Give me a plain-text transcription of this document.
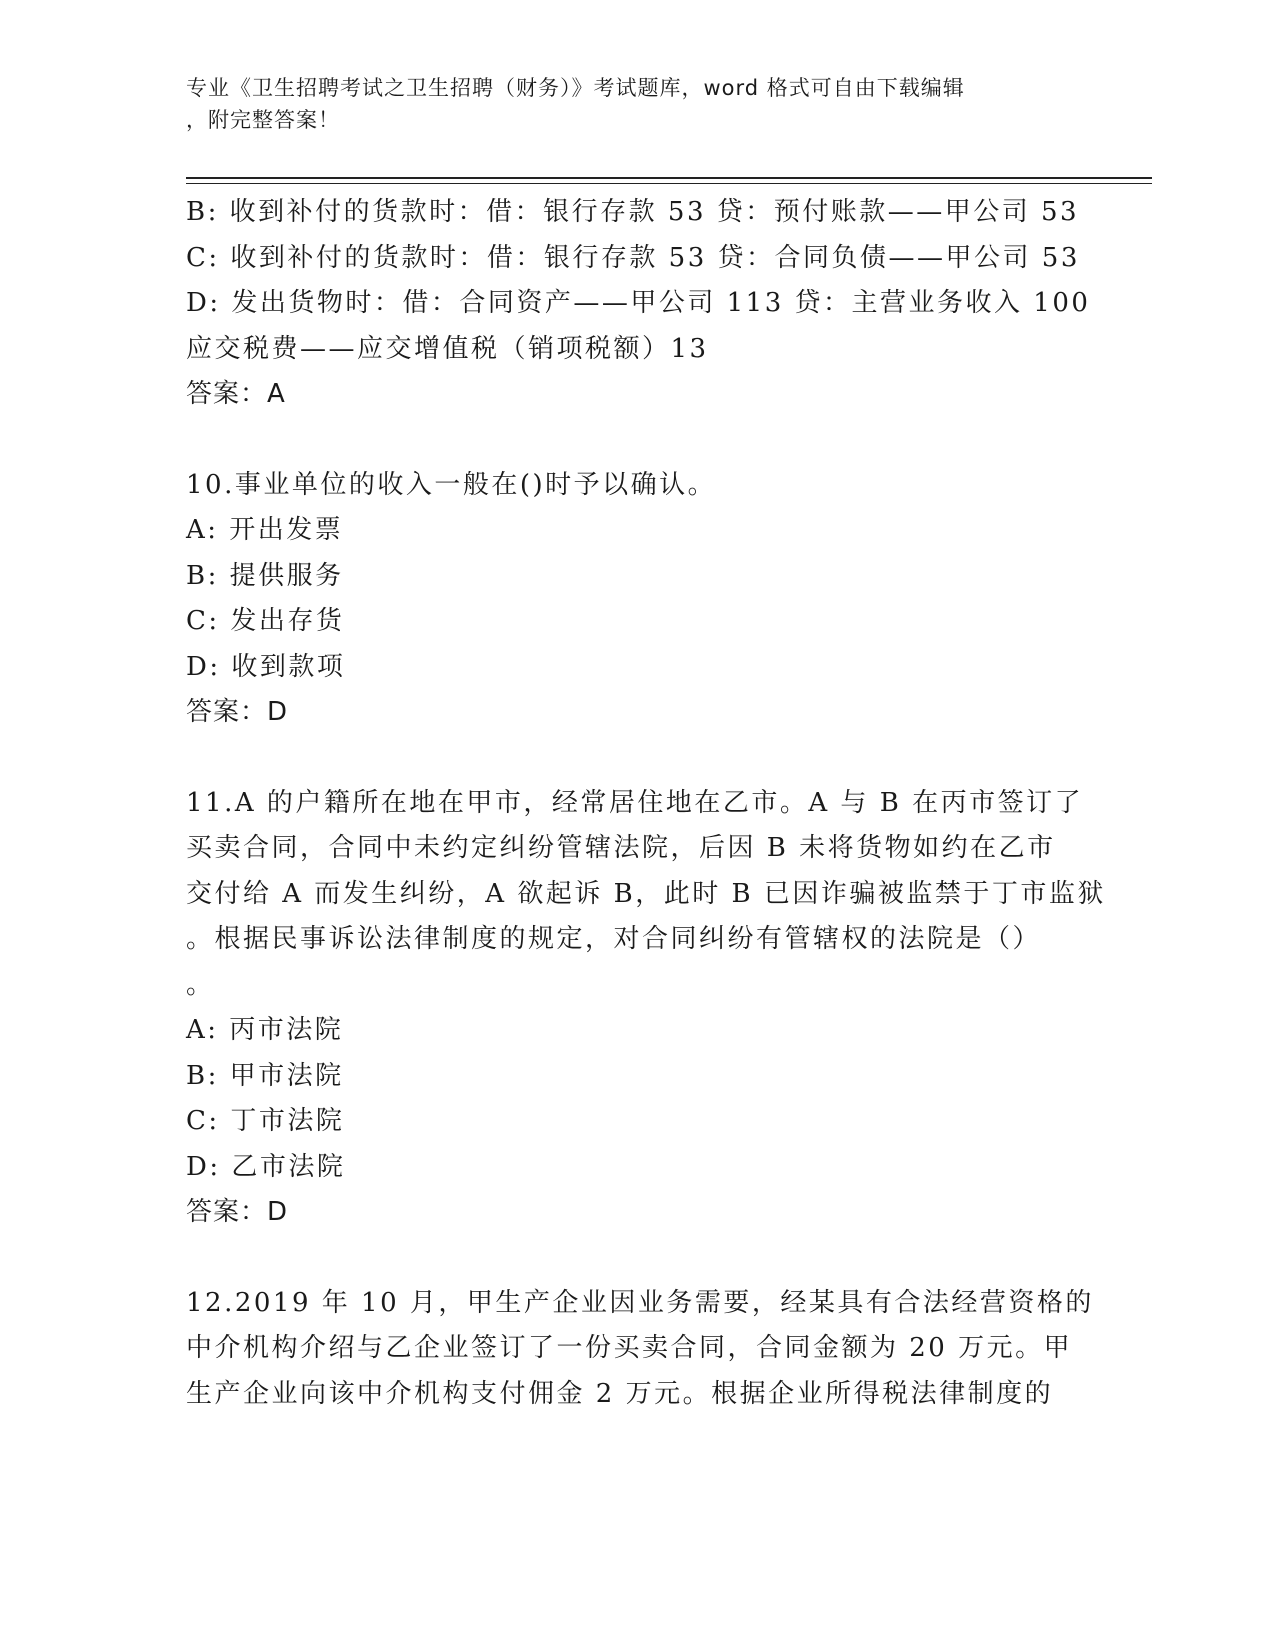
专业《卫生招聘考试之卫生招聘（财务）》考试题库，word 格式可自由下载编辑
，附完整答案！
B: 收到补付的货款时：借：银行存款 53 贷：预付账款——甲公司 53
C: 收到补付的货款时：借：银行存款 53 贷：合同负债——甲公司 53
D: 发出货物时：借：合同资产——甲公司 113 贷：主营业务收入 100
应交税费——应交增值税（销项税额）13
答案：A
10.事业单位的收入一般在()时予以确认。
A: 开出发票
B: 提供服务
C: 发出存货
D: 收到款项
答案：D
11.A 的户籍所在地在甲市，经常居住地在乙市。A 与 B 在丙市签订了
买卖合同，合同中未约定纠纷管辖法院，后因 B 未将货物如约在乙市
交付给 A 而发生纠纷，A 欲起诉 B，此时 B 已因诈骗被监禁于丁市监狱
。根据民事诉讼法律制度的规定，对合同纠纷有管辖权的法院是（）
。
A: 丙市法院
B: 甲市法院
C: 丁市法院
D: 乙市法院
答案：D
12.2019 年 10 月，甲生产企业因业务需要，经某具有合法经营资格的
中介机构介绍与乙企业签订了一份买卖合同，合同金额为 20 万元。甲
生产企业向该中介机构支付佣金 2 万元。根据企业所得税法律制度的
